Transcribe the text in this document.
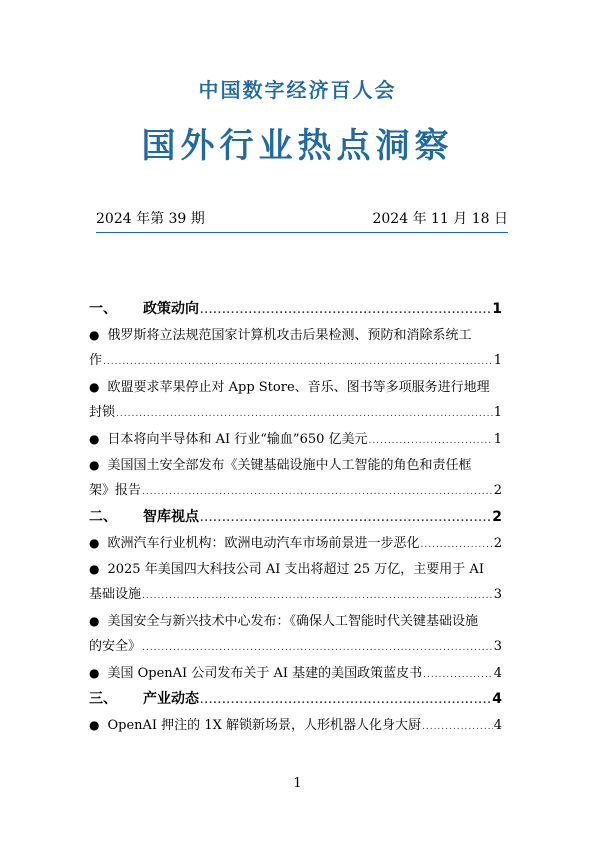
中国数字经济百人会
国外行业热点洞察
2024 年第 39 期	2024 年 11 月 18 日
一、 政策动向 .....	1
● 俄罗斯将立法规范国家计算机攻击后果检测、预防和消除系统工
作 .....	1
● 欧盟要求苹果停止对 App Store、音乐、图书等多项服务进行地理
封锁 .....	1
● 日本将向半导体和 AI 行业“输血”650 亿美元 .....	1
● 美国国土安全部发布《关键基础设施中人工智能的角色和责任框
架》报告 .....	2
二、 智库视点 .....	2
● 欧洲汽车行业机构：欧洲电动汽车市场前景进一步恶化 .....	2
● 2025 年美国四大科技公司 AI 支出将超过 25 万亿，主要用于 AI
基础设施 .....	3
● 美国安全与新兴技术中心发布：《确保人工智能时代关键基础设施
的安全》 .....	3
● 美国 OpenAI 公司发布关于 AI 基建的美国政策蓝皮书 .....	4
三、 产业动态 .....	4
● OpenAI 押注的 1X 解锁新场景，人形机器人化身大厨 .....	4
1
